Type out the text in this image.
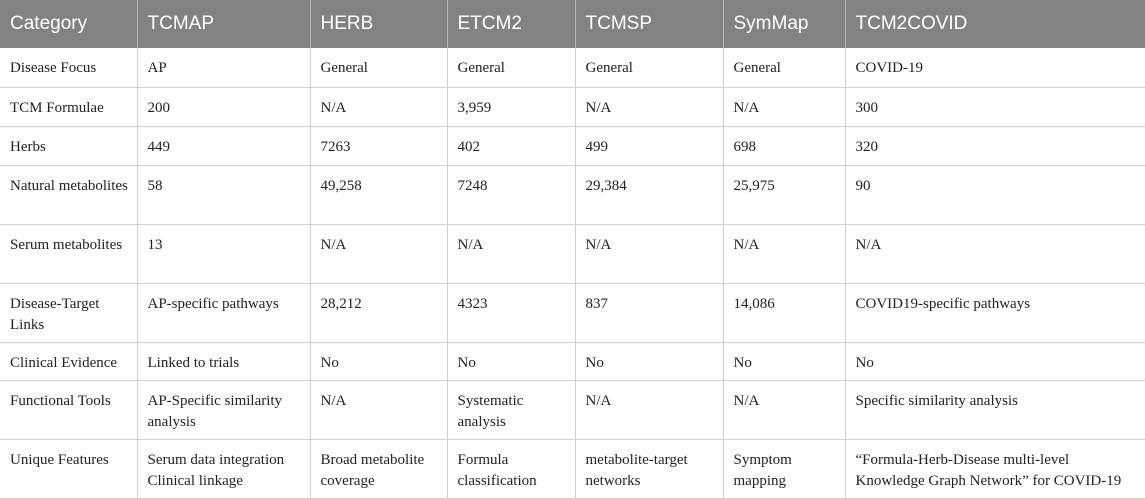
Category	TCMAP	HERB	ETCM2	TCMSP	SymMap	TCM2COVID
Disease Focus	AP	General	General	General	General	COVID-19
TCM Formulae	200	N/A	3,959	N/A	N/A	300
Herbs	449	7263	402	499	698	320
Natural metabolites	58	49,258	7248	29,384	25,975	90
Serum metabolites	13	N/A	N/A	N/A	N/A	N/A
Disease-Target Links	AP-specific pathways	28,212	4323	837	14,086	COVID19-specific pathways
Clinical Evidence	Linked to trials	No	No	No	No	No
Functional Tools	AP-Specific similarity analysis	N/A	Systematic analysis	N/A	N/A	Specific similarity analysis
Unique Features	Serum data integration Clinical linkage	Broad metabolite coverage	Formula classification	metabolite-target networks	Symptom mapping	“Formula-Herb-Disease multi-level Knowledge Graph Network” for COVID-19
